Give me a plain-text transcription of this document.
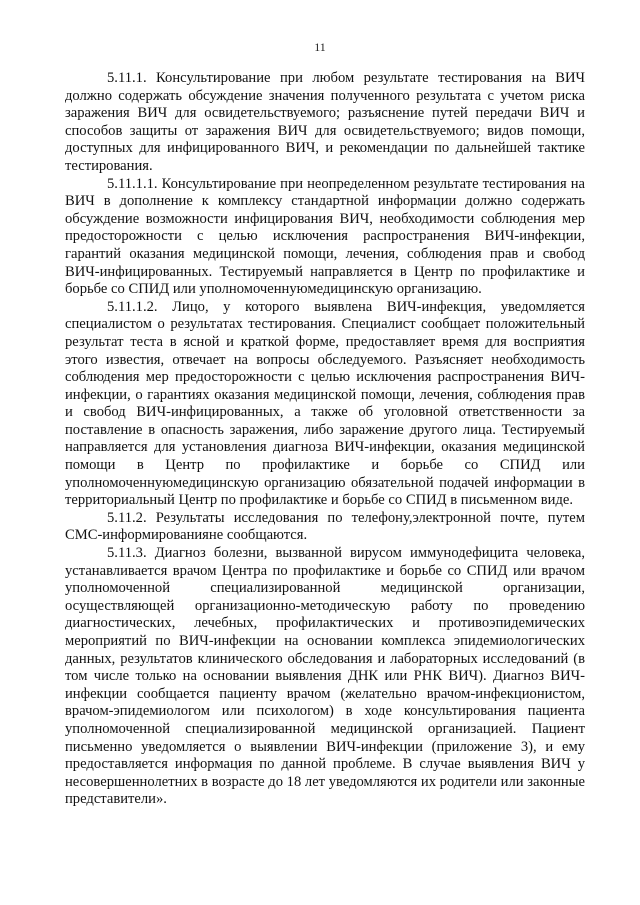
11

5.11.1. Консультирование при любом результате тестирования на ВИЧ должно содержать обсуждение значения полученного результата с учетом риска заражения ВИЧ для освидетельствуемого; разъяснение путей передачи ВИЧ и способов защиты от заражения ВИЧ для освидетельствуемого; видов помощи, доступных для инфицированного ВИЧ, и рекомендации по дальнейшей тактике тестирования.

5.11.1.1. Консультирование при неопределенном результате тестирования на ВИЧ в дополнение к комплексу стандартной информации должно содержать обсуждение возможности инфицирования ВИЧ, необходимости соблюдения мер предосторожности с целью исключения распространения ВИЧ-инфекции, гарантий оказания медицинской помощи, лечения, соблюдения прав и свобод ВИЧ-инфицированных. Тестируемый направляется в Центр по профилактике и борьбе со СПИД или уполномоченнуюмедицинскую организацию.

5.11.1.2. Лицо, у которого выявлена ВИЧ-инфекция, уведомляется специалистом о результатах тестирования. Специалист сообщает положительный результат теста в ясной и краткой форме, предоставляет время для восприятия этого известия, отвечает на вопросы обследуемого. Разъясняет необходимость соблюдения мер предосторожности с целью исключения распространения ВИЧ-инфекции, о гарантиях оказания медицинской помощи, лечения, соблюдения прав и свобод ВИЧ-инфицированных, а также об уголовной ответственности за поставление в опасность заражения, либо заражение другого лица. Тестируемый направляется для установления диагноза ВИЧ-инфекции, оказания медицинской помощи в Центр по профилактике и борьбе со СПИД или уполномоченнуюмедицинскую организацию обязательной подачей информации в территориальный Центр по профилактике и борьбе со СПИД в письменном виде.

5.11.2. Результаты исследования по телефону,электронной почте, путем СМС-информированияне сообщаются.

5.11.3. Диагноз болезни, вызванной вирусом иммунодефицита человека, устанавливается врачом Центра по профилактике и борьбе со СПИД или врачом уполномоченной специализированной медицинской организации, осуществляющей организационно-методическую работу по проведению диагностических, лечебных, профилактических и противоэпидемических мероприятий по ВИЧ-инфекции на основании комплекса эпидемиологических данных, результатов клинического обследования и лабораторных исследований (в том числе только на основании выявления ДНК или РНК ВИЧ). Диагноз ВИЧ-инфекции сообщается пациенту врачом (желательно врачом-инфекционистом, врачом-эпидемиологом или психологом) в ходе консультирования пациента уполномоченной специализированной медицинской организацией. Пациент письменно уведомляется о выявлении ВИЧ-инфекции (приложение 3), и ему предоставляется информация по данной проблеме. В случае выявления ВИЧ у несовершеннолетних в возрасте до 18 лет уведомляются их родители или законные представители».
